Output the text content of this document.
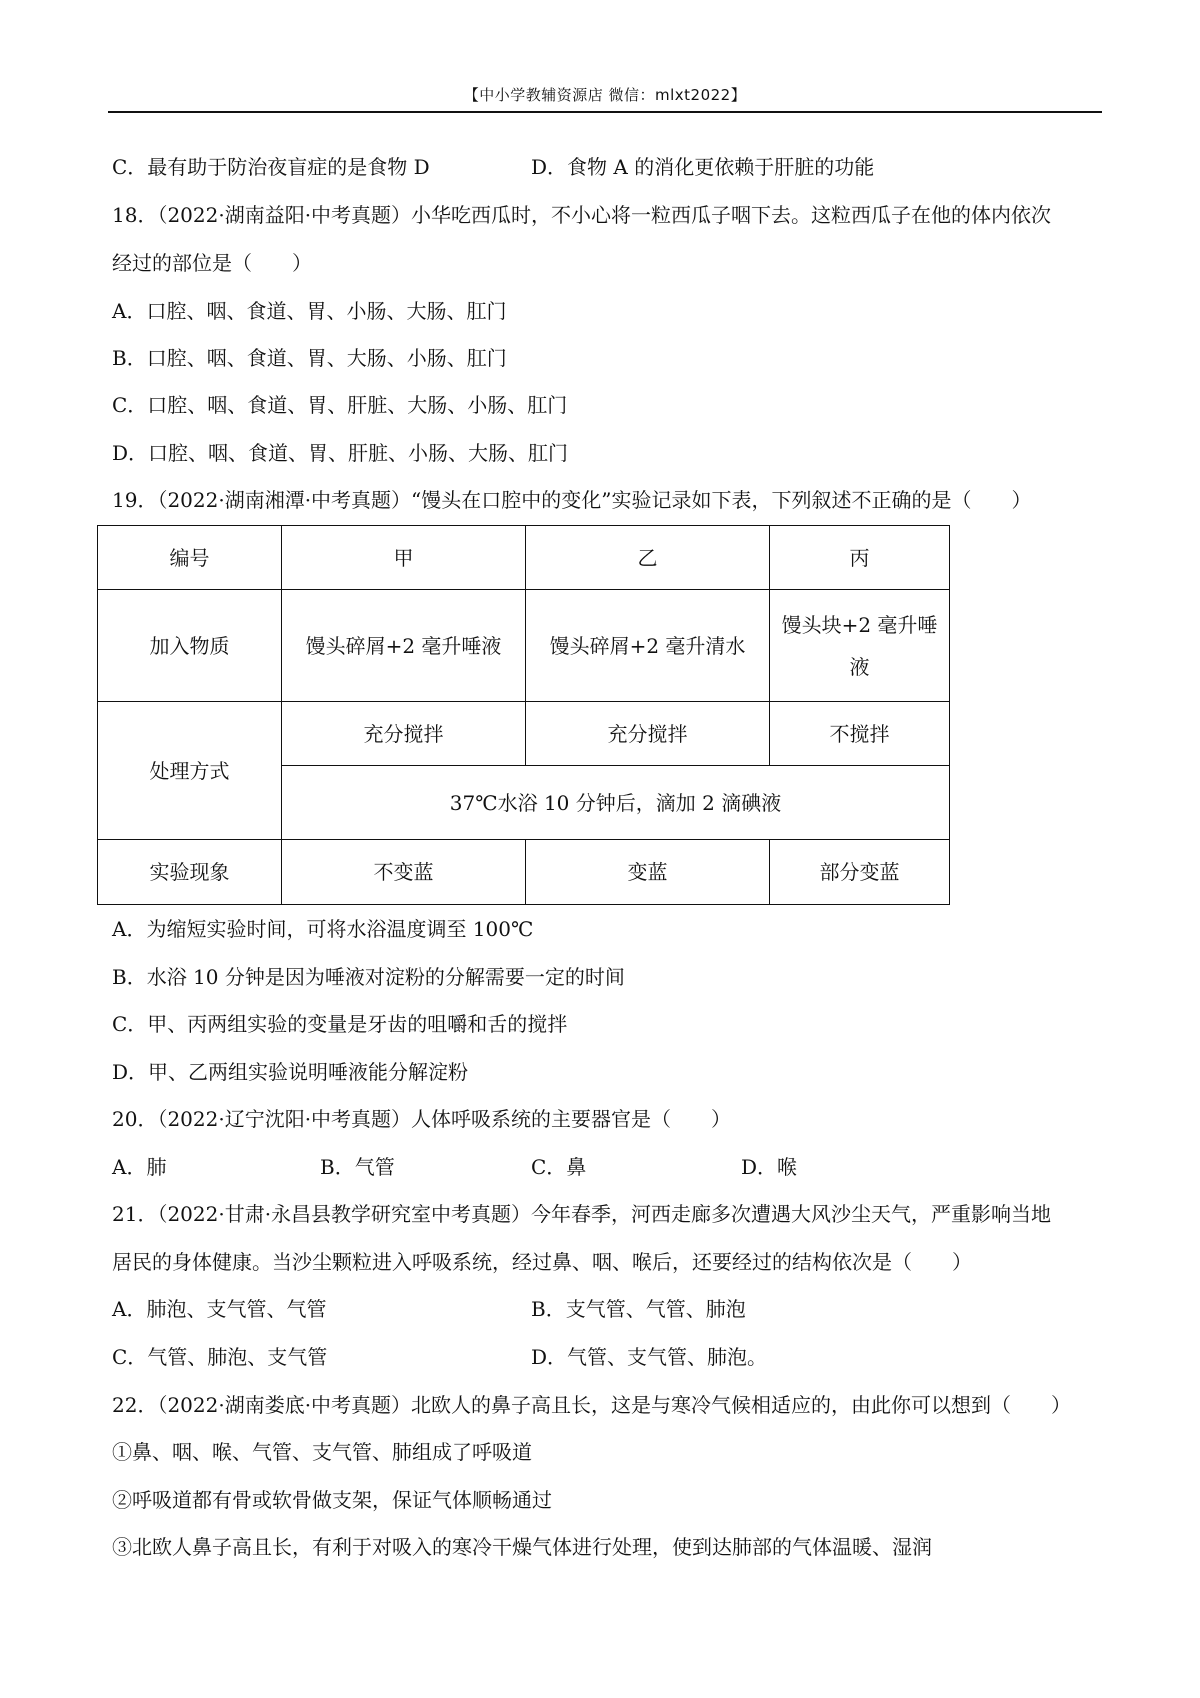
【中小学教辅资源店 微信：mlxt2022】
C．最有助于防治夜盲症的是食物 D	D．食物 A 的消化更依赖于肝脏的功能
18．（2022·湖南益阳·中考真题）小华吃西瓜时，不小心将一粒西瓜子咽下去。这粒西瓜子在他的体内依次
经过的部位是（　　）
A．口腔、咽、食道、胃、小肠、大肠、肛门
B．口腔、咽、食道、胃、大肠、小肠、肛门
C．口腔、咽、食道、胃、肝脏、大肠、小肠、肛门
D．口腔、咽、食道、胃、肝脏、小肠、大肠、肛门
19．（2022·湖南湘潭·中考真题）“馒头在口腔中的变化”实验记录如下表，下列叙述不正确的是（　　）
编号	甲	乙	丙
加入物质	馒头碎屑+2 毫升唾液	馒头碎屑+2 毫升清水	馒头块+2 毫升唾液
处理方式	充分搅拌	充分搅拌	不搅拌
	37℃水浴 10 分钟后，滴加 2 滴碘液		
实验现象	不变蓝	变蓝	部分变蓝
A．为缩短实验时间，可将水浴温度调至 100℃
B．水浴 10 分钟是因为唾液对淀粉的分解需要一定的时间
C．甲、丙两组实验的变量是牙齿的咀嚼和舌的搅拌
D．甲、乙两组实验说明唾液能分解淀粉
20．（2022·辽宁沈阳·中考真题）人体呼吸系统的主要器官是（　　）
A．肺	B．气管	C．鼻	D．喉
21．（2022·甘肃·永昌县教学研究室中考真题）今年春季，河西走廊多次遭遇大风沙尘天气，严重影响当地
居民的身体健康。当沙尘颗粒进入呼吸系统，经过鼻、咽、喉后，还要经过的结构依次是（　　）
A．肺泡、支气管、气管	B．支气管、气管、肺泡
C．气管、肺泡、支气管	D．气管、支气管、肺泡。
22．（2022·湖南娄底·中考真题）北欧人的鼻子高且长，这是与寒冷气候相适应的，由此你可以想到（　　）
①鼻、咽、喉、气管、支气管、肺组成了呼吸道
②呼吸道都有骨或软骨做支架，保证气体顺畅通过
③北欧人鼻子高且长，有利于对吸入的寒冷干燥气体进行处理，使到达肺部的气体温暖、湿润
